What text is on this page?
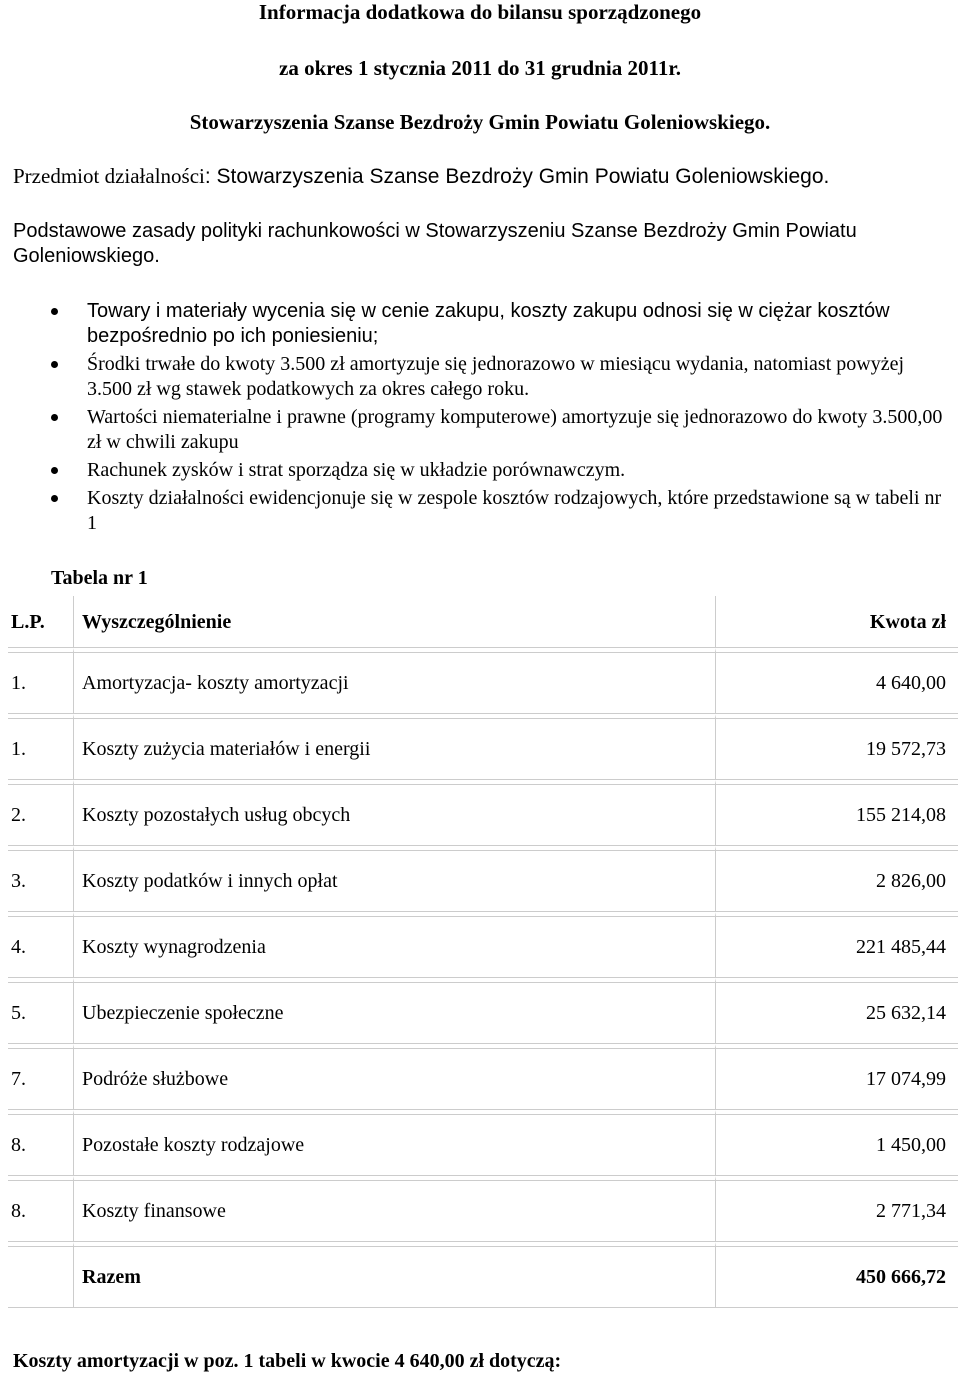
Informacja dodatkowa do bilansu sporządzonego
za okres 1 stycznia 2011 do 31 grudnia 2011r.
Stowarzyszenia Szanse Bezdroży Gmin Powiatu Goleniowskiego.
Przedmiot działalności: Stowarzyszenia Szanse Bezdroży Gmin Powiatu Goleniowskiego.
Podstawowe zasady polityki rachunkowości w Stowarzyszeniu Szanse Bezdroży Gmin Powiatu Goleniowskiego.
Towary i materiały wycenia się w cenie zakupu, koszty zakupu odnosi się w ciężar kosztów bezpośrednio po ich poniesieniu;
Środki trwałe do kwoty 3.500 zł amortyzuje się jednorazowo w miesiącu wydania, natomiast powyżej 3.500 zł wg stawek podatkowych za okres całego roku.
Wartości niematerialne i prawne (programy komputerowe) amortyzuje się jednorazowo do kwoty 3.500,00 zł w chwili zakupu
Rachunek zysków i strat sporządza się w układzie porównawczym.
Koszty działalności ewidencjonuje się w zespole kosztów rodzajowych, które przedstawione są w tabeli nr 1
Tabela nr 1
L.P.	Wyszczególnienie	Kwota zł
1.	Amortyzacja- koszty amortyzacji	4 640,00
1.	Koszty zużycia materiałów i energii	19 572,73
2.	Koszty pozostałych usług obcych	155 214,08
3.	Koszty podatków i innych opłat	2 826,00
4.	Koszty wynagrodzenia	221 485,44
5.	Ubezpieczenie społeczne	25 632,14
7.	Podróże służbowe	17 074,99
8.	Pozostałe koszty rodzajowe	1 450,00
8.	Koszty finansowe	2 771,34
	Razem	450 666,72
Koszty amortyzacji w poz. 1 tabeli w kwocie 4 640,00 zł dotyczą:
